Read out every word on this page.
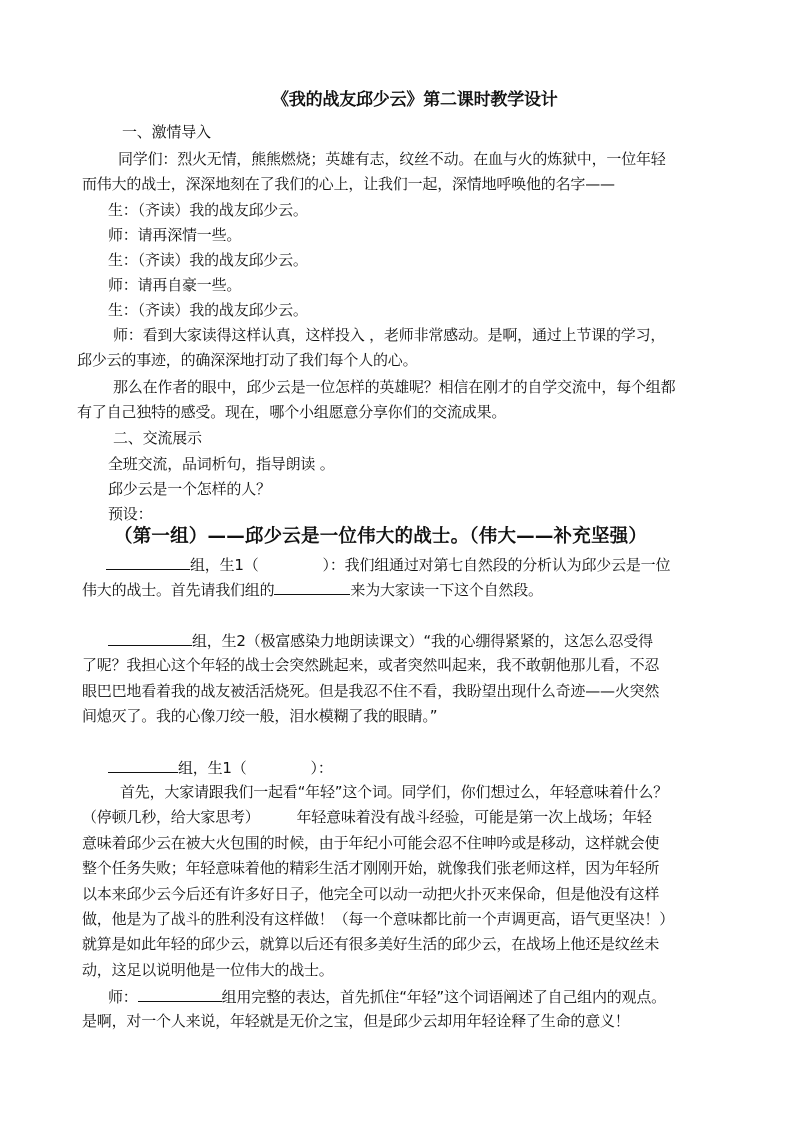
《我的战友邱少云》第二课时教学设计
一、激情导入
同学们：烈火无情，熊熊燃烧；英雄有志，纹丝不动。在血与火的炼狱中，一位年轻
而伟大的战士，深深地刻在了我们的心上，让我们一起，深情地呼唤他的名字——
生：（齐读）我的战友邱少云。
师：请再深情一些。
生：（齐读）我的战友邱少云。
师：请再自豪一些。
生：（齐读）我的战友邱少云。
师：看到大家读得这样认真，这样投入 ，老师非常感动。是啊，通过上节课的学习，
邱少云的事迹，的确深深地打动了我们每个人的心。
那么在作者的眼中，邱少云是一位怎样的英雄呢？相信在刚才的自学交流中，每个组都
有了自己独特的感受。现在，哪个小组愿意分享你们的交流成果。
二、交流展示
全班交流，品词析句，指导朗读 。
邱少云是一个怎样的人？
预设：
（第一组）——邱少云是一位伟大的战士。（伟大——补充坚强）
组，生1（	）：我们组通过对第七自然段的分析认为邱少云是一位
伟大的战士。首先请我们组的	来为大家读一下这个自然段。
组，生2（极富感染力地朗读课文）“我的心绷得紧紧的，这怎么忍受得
了呢？我担心这个年轻的战士会突然跳起来，或者突然叫起来，我不敢朝他那儿看，不忍
眼巴巴地看着我的战友被活活烧死。但是我忍不住不看，我盼望出现什么奇迹——火突然
间熄灭了。我的心像刀绞一般，泪水模糊了我的眼睛。”
组，生1（	）：
首先，大家请跟我们一起看“年轻”这个词。同学们，你们想过么，年轻意味着什么？
（停顿几秒，给大家思考）　　　年轻意味着没有战斗经验，可能是第一次上战场；年轻
意味着邱少云在被大火包围的时候，由于年纪小可能会忍不住呻吟或是移动，这样就会使
整个任务失败；年轻意味着他的精彩生活才刚刚开始，就像我们张老师这样，因为年轻所
以本来邱少云今后还有许多好日子，他完全可以动一动把火扑灭来保命，但是他没有这样
做，他是为了战斗的胜利没有这样做！（每一个意味都比前一个声调更高，语气更坚决！）
就算是如此年轻的邱少云，就算以后还有很多美好生活的邱少云，在战场上他还是纹丝未
动，这足以说明他是一位伟大的战士。
师：	组用完整的表达，首先抓住“年轻”这个词语阐述了自己组内的观点。
是啊，对一个人来说，年轻就是无价之宝，但是邱少云却用年轻诠释了生命的意义！
